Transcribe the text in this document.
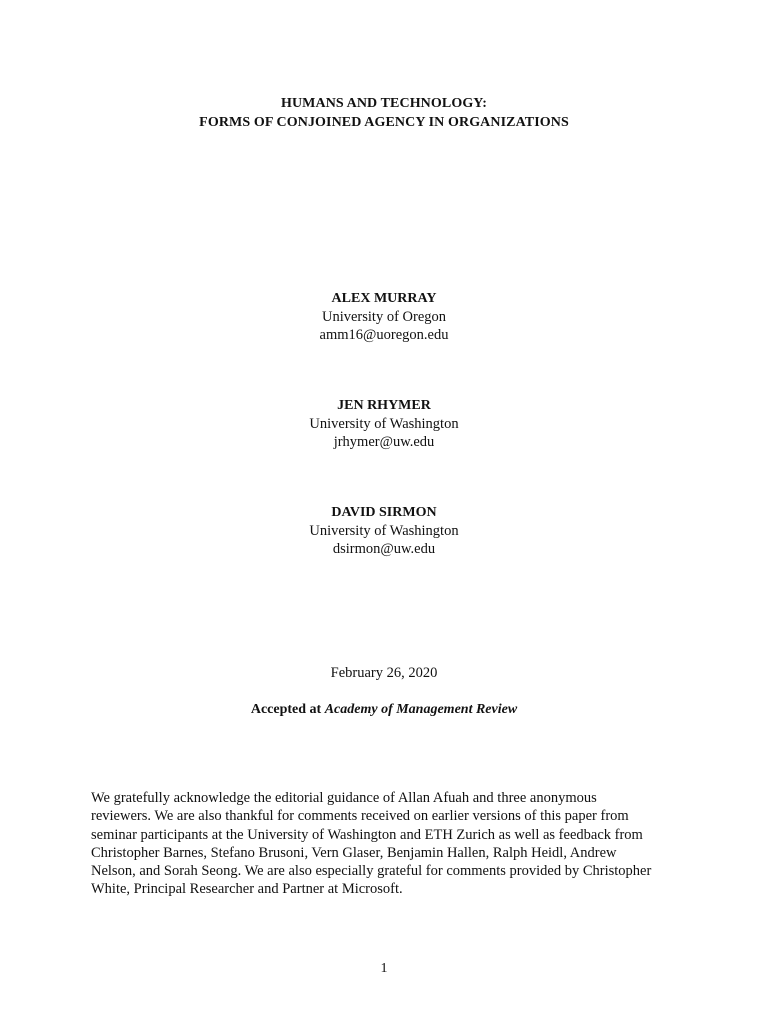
HUMANS AND TECHNOLOGY:
FORMS OF CONJOINED AGENCY IN ORGANIZATIONS
ALEX MURRAY
University of Oregon
amm16@uoregon.edu
JEN RHYMER
University of Washington
jrhymer@uw.edu
DAVID SIRMON
University of Washington
dsirmon@uw.edu
February 26, 2020
Accepted at Academy of Management Review
We gratefully acknowledge the editorial guidance of Allan Afuah and three anonymous
reviewers. We are also thankful for comments received on earlier versions of this paper from
seminar participants at the University of Washington and ETH Zurich as well as feedback from
Christopher Barnes, Stefano Brusoni, Vern Glaser, Benjamin Hallen, Ralph Heidl, Andrew
Nelson, and Sorah Seong. We are also especially grateful for comments provided by Christopher
White, Principal Researcher and Partner at Microsoft.
1
